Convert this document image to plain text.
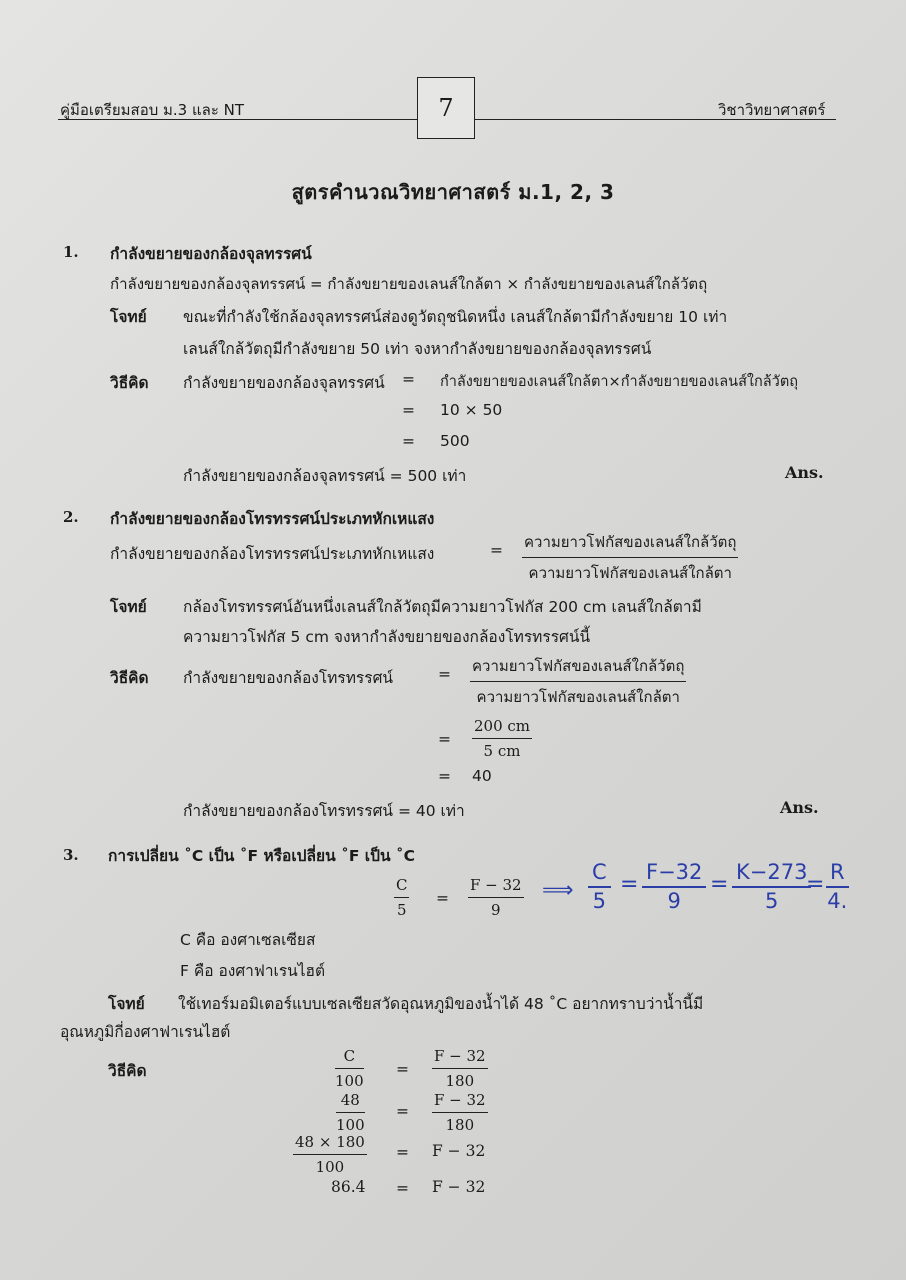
คู่มือเตรียมสอบ ม.3 และ NT	7	วิชาวิทยาศาสตร์
สูตรคำนวณวิทยาศาสตร์ ม.1, 2, 3
1. กำลังขยายของกล้องจุลทรรศน์
กำลังขยายของกล้องจุลทรรศน์ = กำลังขยายของเลนส์ใกล้ตา × กำลังขยายของเลนส์ใกล้วัตถุ
โจทย์ ขณะที่กำลังใช้กล้องจุลทรรศน์ส่องดูวัตถุชนิดหนึ่ง เลนส์ใกล้ตามีกำลังขยาย 10 เท่า
เลนส์ใกล้วัตถุมีกำลังขยาย 50 เท่า จงหากำลังขยายของกล้องจุลทรรศน์
วิธีคิด กำลังขยายของกล้องจุลทรรศน์ = กำลังขยายของเลนส์ใกล้ตา×กำลังขยายของเลนส์ใกล้วัตถุ
= 10 × 50
= 500
กำลังขยายของกล้องจุลทรรศน์ = 500 เท่า	Ans.
2. กำลังขยายของกล้องโทรทรรศน์ประเภทหักเหแสง
กำลังขยายของกล้องโทรทรรศน์ประเภทหักเหแสง	= ความยาวโฟกัสของเลนส์ใกล้วัตถุ
ความยาวโฟกัสของเลนส์ใกล้ตา
โจทย์ กล้องโทรทรรศน์อันหนึ่งเลนส์ใกล้วัตถุมีความยาวโฟกัส 200 cm เลนส์ใกล้ตามี
ความยาวโฟกัส 5 cm จงหากำลังขยายของกล้องโทรทรรศน์นี้
วิธีคิด กำลังขยายของกล้องโทรทรรศน์	= ความยาวโฟกัสของเลนส์ใกล้วัตถุ
ความยาวโฟกัสของเลนส์ใกล้ตา
= $\frac{200 cm}{5 cm}$
= 40
กำลังขยายของกล้องโทรทรรศน์ = 40 เท่า	Ans.
3. การเปลี่ยน ˚C เป็น ˚F หรือเปลี่ยน ˚F เป็น ˚C
$\frac{C}{5} = \frac{F - 32}{9}$ ⟹ $\frac{C}{5} = \frac{F-32}{9} = \frac{K-273}{5}$
= $\frac{R}{4.}$
C คือ องศาเซลเซียส
F คือ องศาฟาเรนไฮต์
โจทย์ ใช้เทอร์มอมิเตอร์แบบเซลเซียสวัดอุณหภูมิของน้ำได้ 48 ˚C อยากทราบว่าน้ำนี้มี
อุณหภูมิกี่องศาฟาเรนไฮต์
วิธีคิด	$\frac{C}{100} = \frac{F - 32}{180}$
$\frac{48}{100} = \frac{F - 32}{180}$
$\frac{48 \times 180}{100} = F - 32$
86.4 = F − 32
